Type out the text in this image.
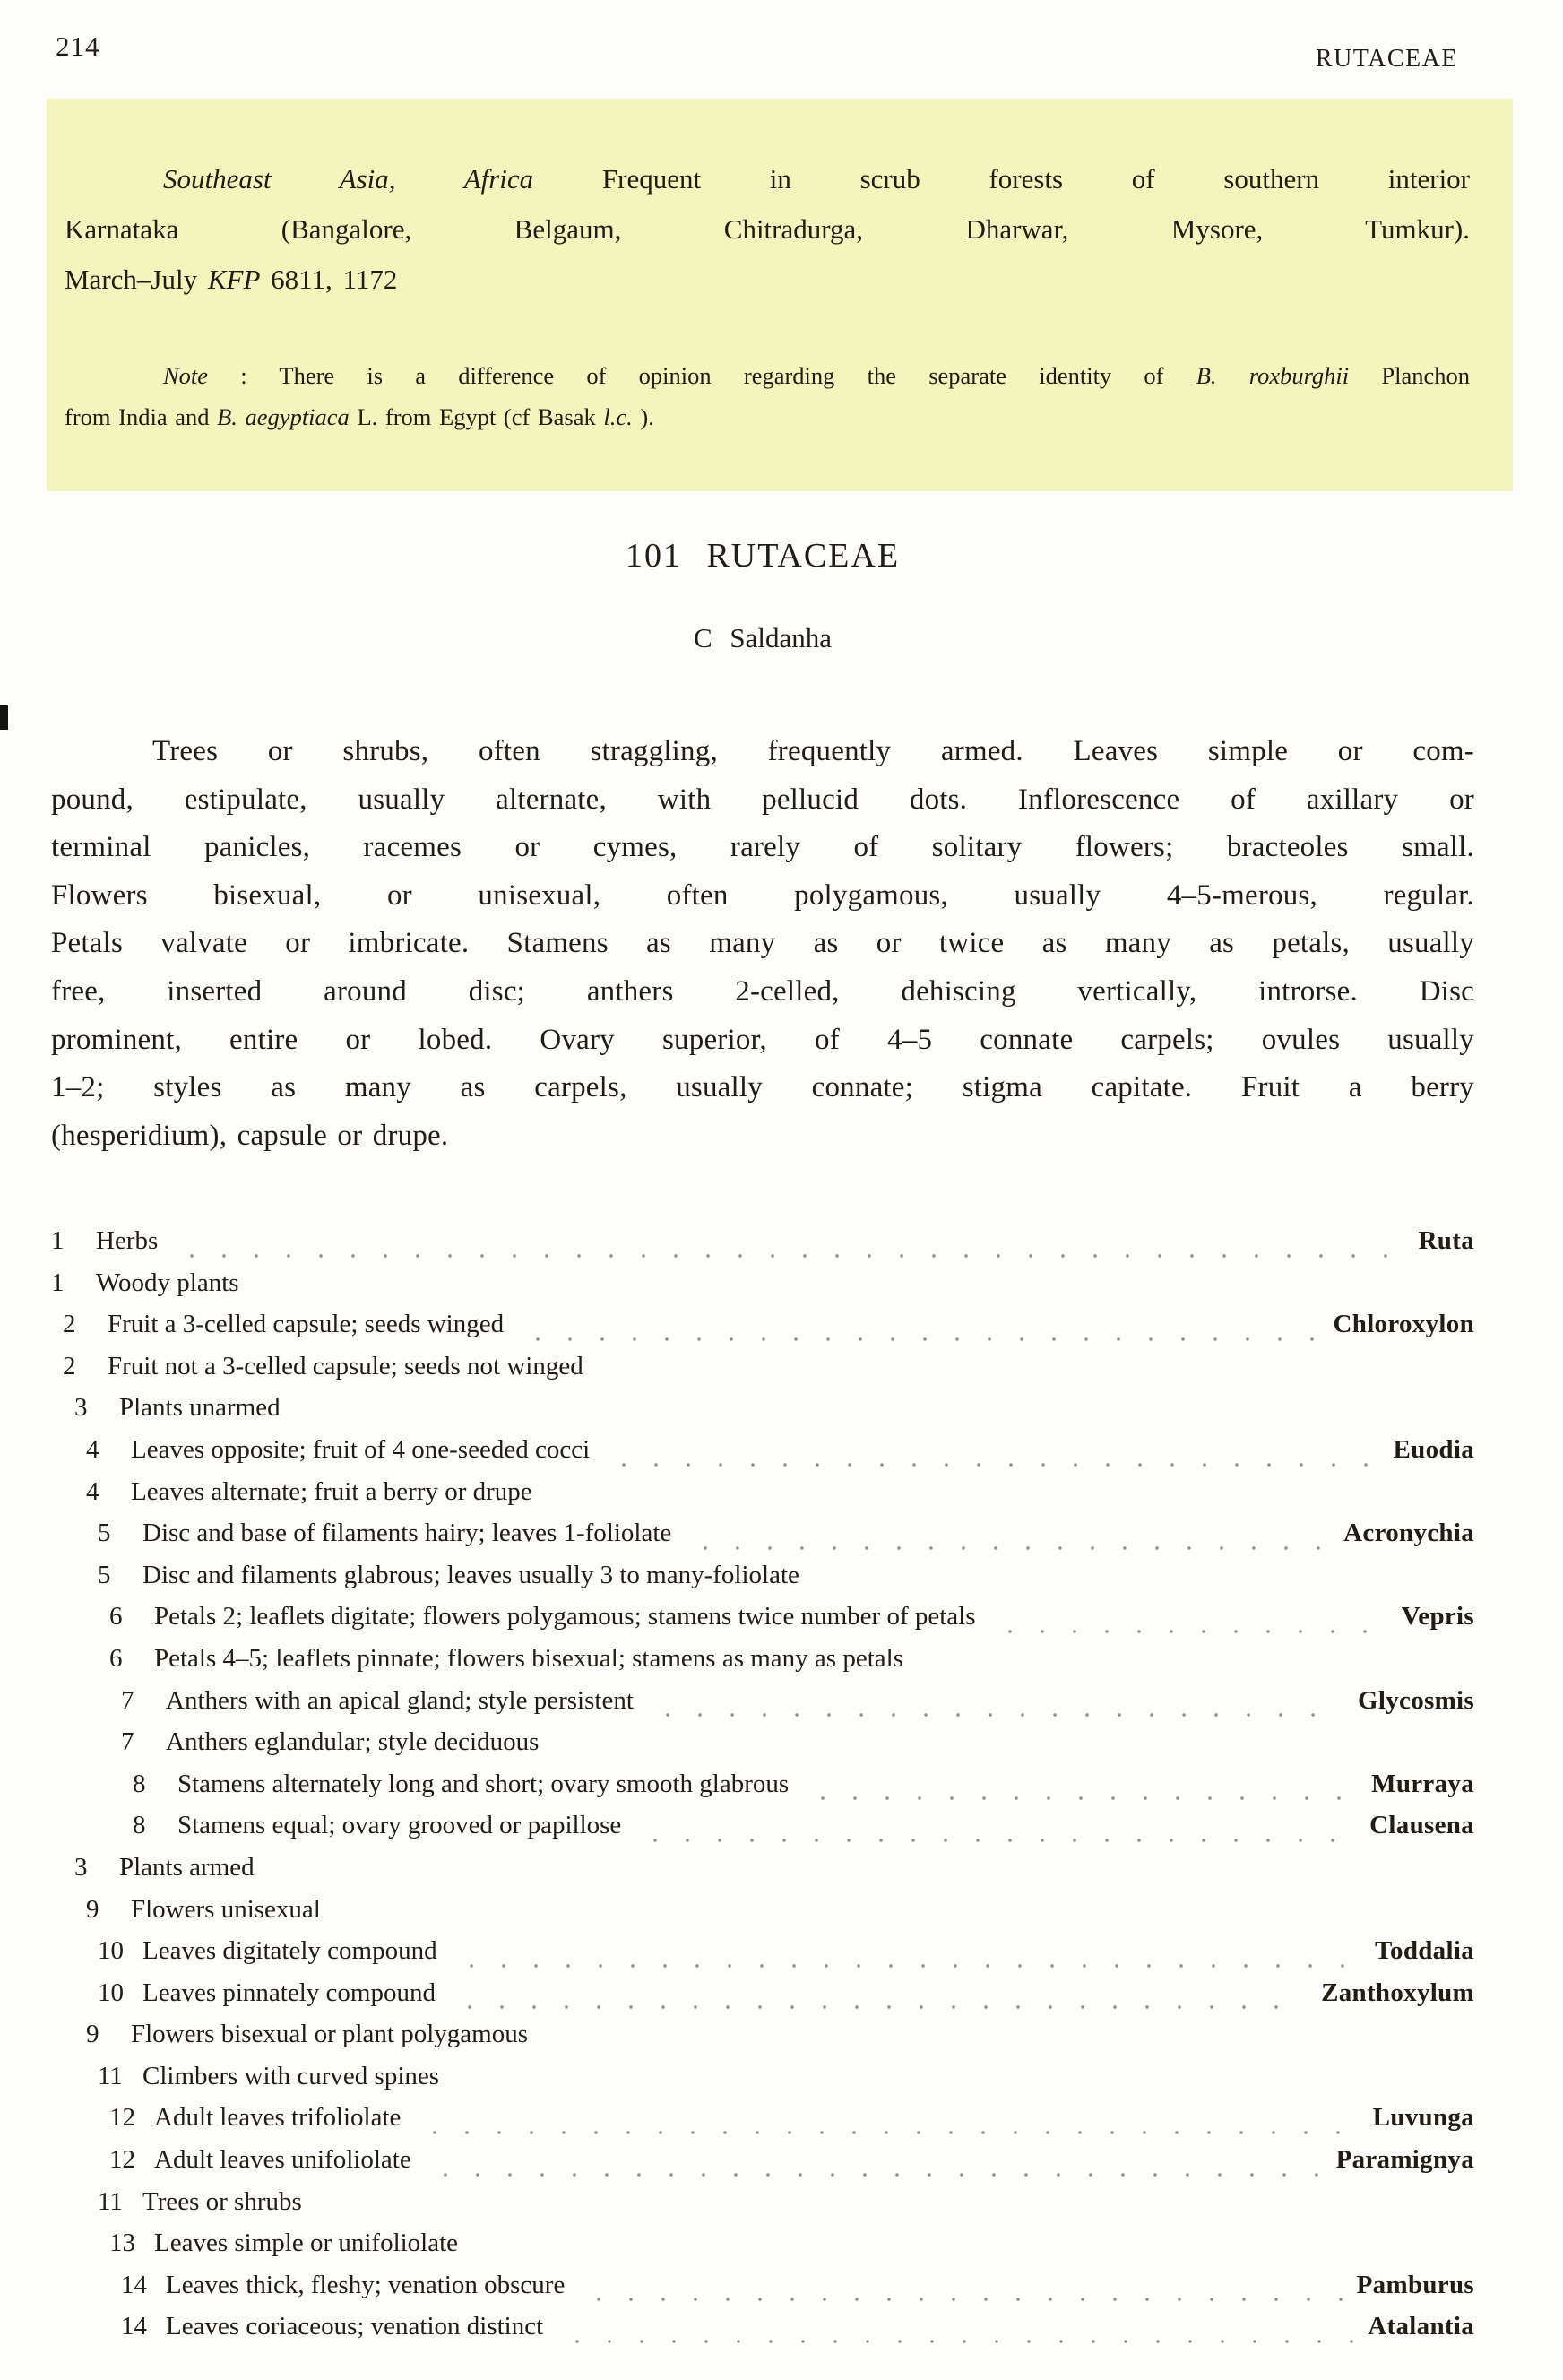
214	RUTACEAE
Southeast Asia, Africa Frequent in scrub forests of southern interior
Karnataka (Bangalore, Belgaum, Chitradurga, Dharwar, Mysore, Tumkur).
March–July KFP 6811, 1172
Note : There is a difference of opinion regarding the separate identity of B. roxburghii Planchon
from India and B. aegyptiaca L. from Egypt (cf Basak l.c. ).
101 RUTACEAE
C Saldanha
Trees or shrubs, often straggling, frequently armed. Leaves simple or com-
pound, estipulate, usually alternate, with pellucid dots. Inflorescence of axillary or
terminal panicles, racemes or cymes, rarely of solitary flowers; bracteoles small.
Flowers bisexual, or unisexual, often polygamous, usually 4–5-merous, regular.
Petals valvate or imbricate. Stamens as many as or twice as many as petals, usually
free, inserted around disc; anthers 2-celled, dehiscing vertically, introrse. Disc
prominent, entire or lobed. Ovary superior, of 4–5 connate carpels; ovules usually
1–2; styles as many as carpels, usually connate; stigma capitate. Fruit a berry
(hesperidium), capsule or drupe.
1	Herbs	Ruta
1	Woody plants
2	Fruit a 3-celled capsule; seeds winged	Chloroxylon
2	Fruit not a 3-celled capsule; seeds not winged
3	Plants unarmed
4	Leaves opposite; fruit of 4 one-seeded cocci	Euodia
4	Leaves alternate; fruit a berry or drupe
5	Disc and base of filaments hairy; leaves 1-foliolate	Acronychia
5	Disc and filaments glabrous; leaves usually 3 to many-foliolate
6	Petals 2; leaflets digitate; flowers polygamous; stamens twice number of petals	Vepris
6	Petals 4–5; leaflets pinnate; flowers bisexual; stamens as many as petals
7	Anthers with an apical gland; style persistent	Glycosmis
7	Anthers eglandular; style deciduous
8	Stamens alternately long and short; ovary smooth glabrous	Murraya
8	Stamens equal; ovary grooved or papillose	Clausena
3	Plants armed
9	Flowers unisexual
10 Leaves digitately compound	Toddalia
10 Leaves pinnately compound	Zanthoxylum
9	Flowers bisexual or plant polygamous
11 Climbers with curved spines
12 Adult leaves trifoliolate	Luvunga
12 Adult leaves unifoliolate	Paramignya
11 Trees or shrubs
13 Leaves simple or unifoliolate
14 Leaves thick, fleshy; venation obscure	Pamburus
14 Leaves coriaceous; venation distinct	Atalantia
